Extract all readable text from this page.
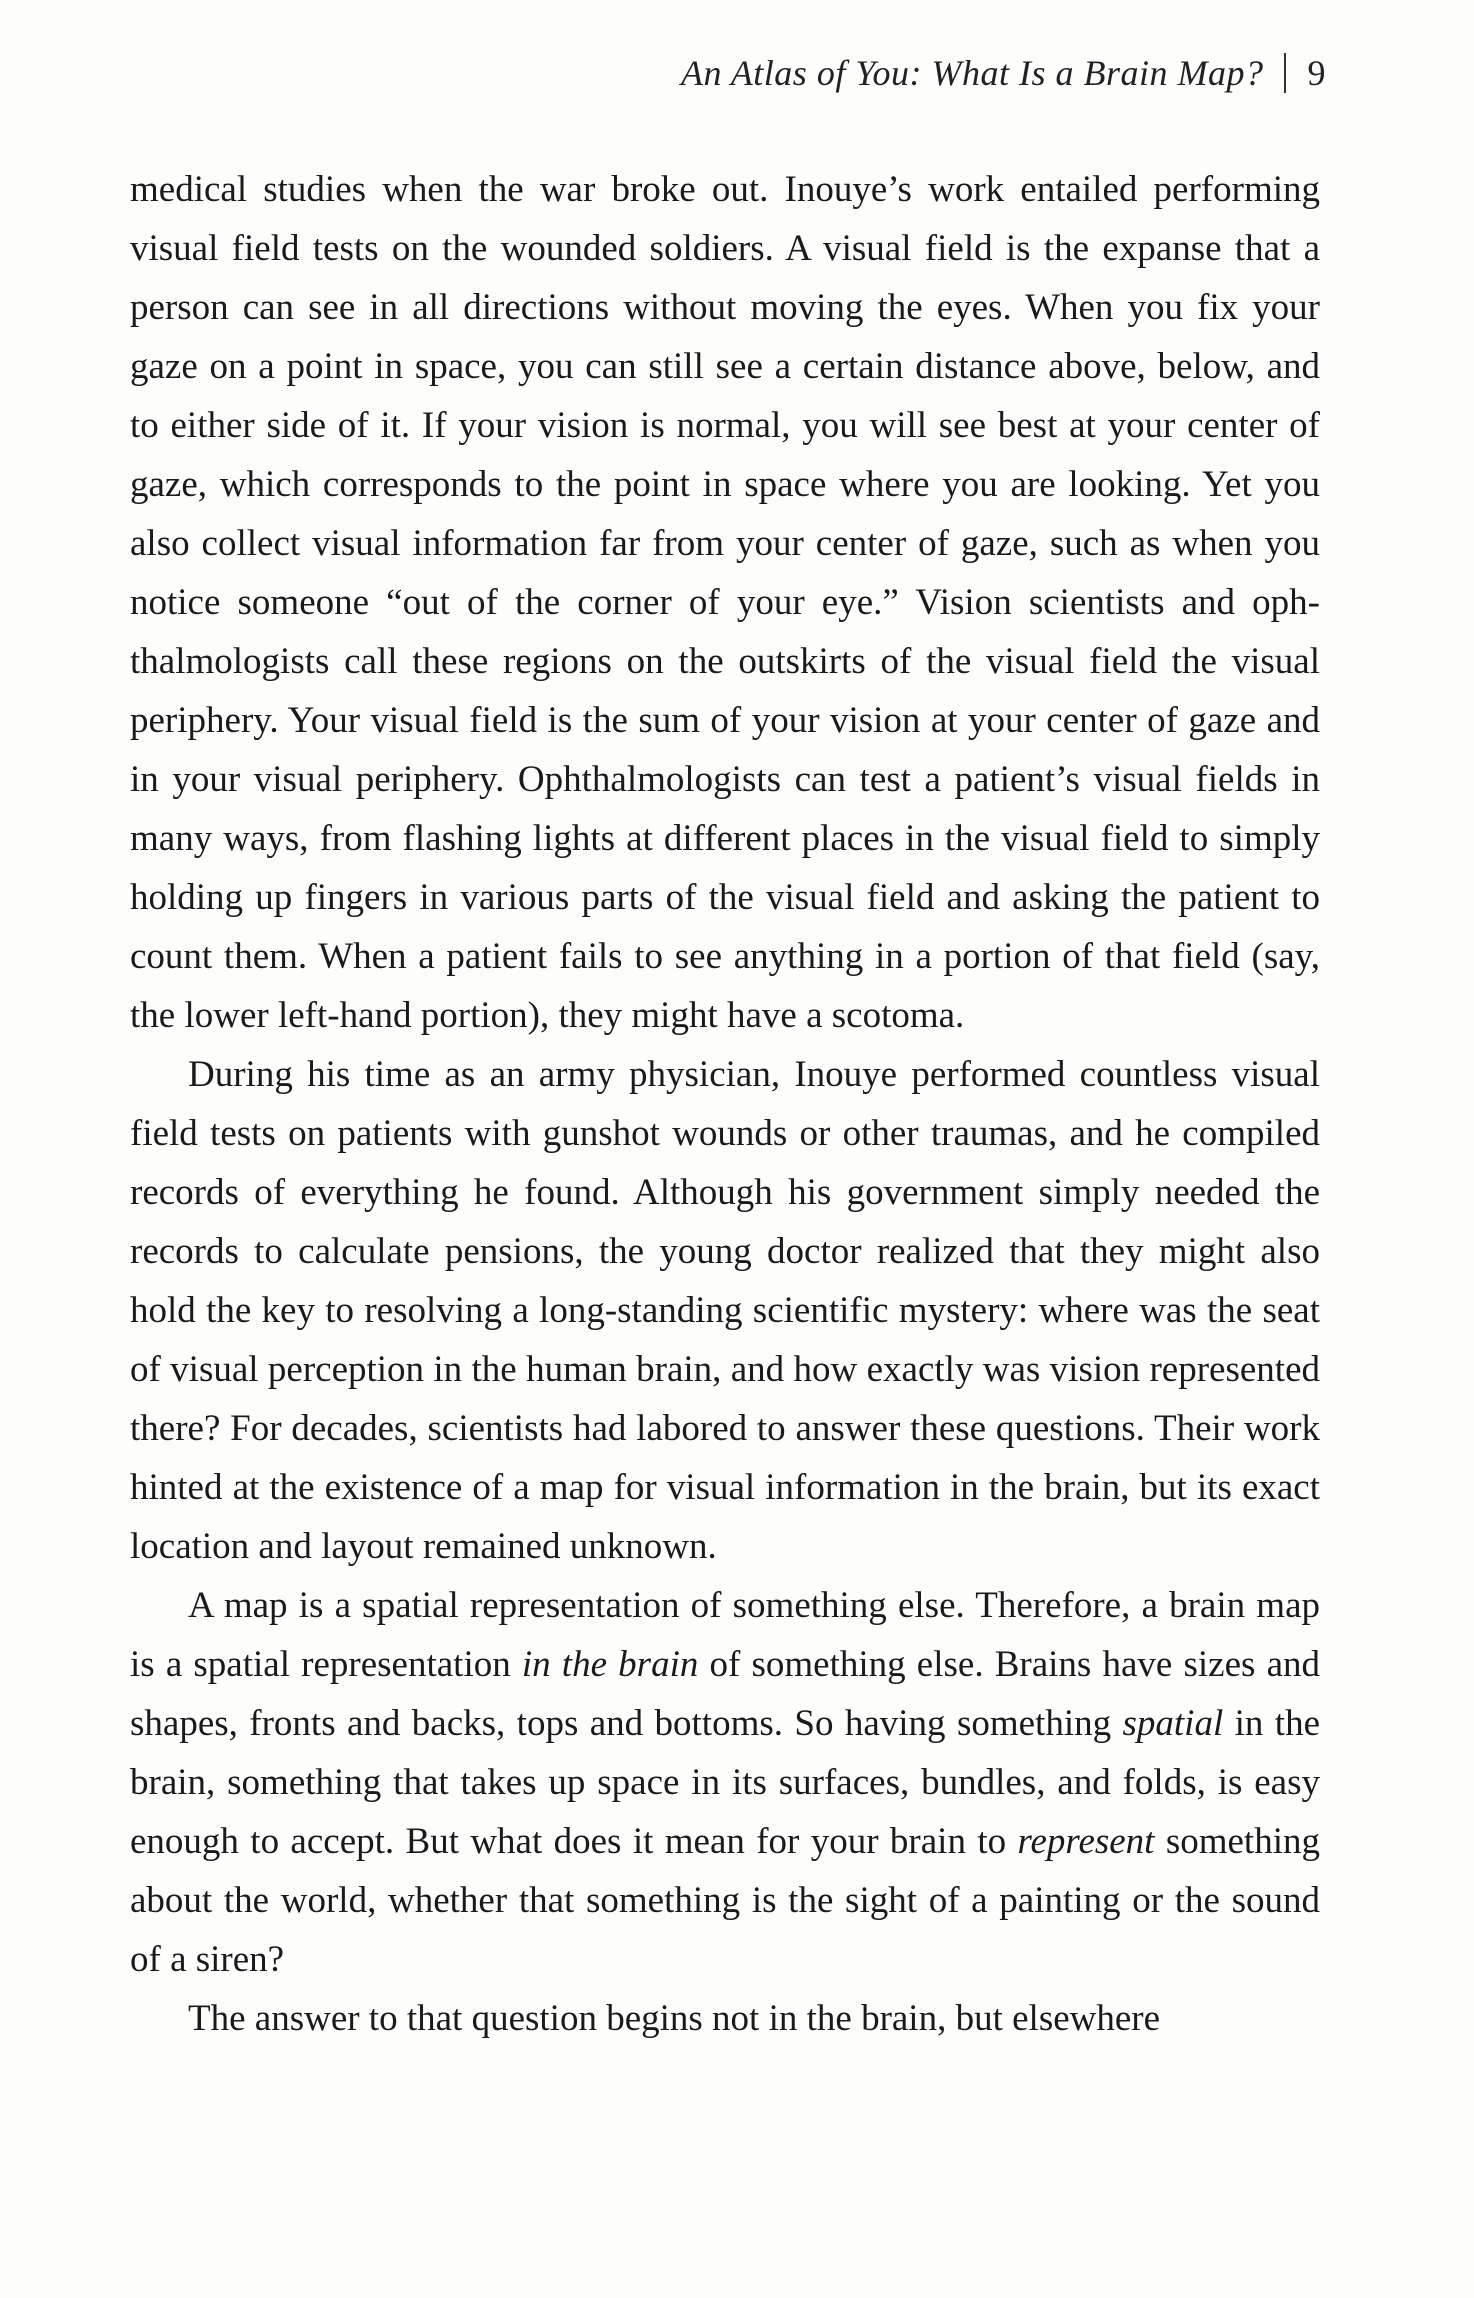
An Atlas of You: What Is a Brain Map? 9

medical studies when the war broke out. Inouye’s work entailed performing visual field tests on the wounded soldiers. A visual field is the expanse that a person can see in all directions without moving the eyes. When you fix your gaze on a point in space, you can still see a certain distance above, below, and to either side of it. If your vision is normal, you will see best at your center of gaze, which corresponds to the point in space where you are looking. Yet you also collect visual information far from your center of gaze, such as when you notice someone “out of the corner of your eye.” Vision scientists and ophthalmologists call these regions on the outskirts of the visual field the visual periphery. Your visual field is the sum of your vision at your center of gaze and in your visual periphery. Ophthalmologists can test a patient’s visual fields in many ways, from flashing lights at different places in the visual field to simply holding up fingers in various parts of the visual field and asking the patient to count them. When a patient fails to see anything in a portion of that field (say, the lower left-hand portion), they might have a scotoma.

During his time as an army physician, Inouye performed countless visual field tests on patients with gunshot wounds or other traumas, and he compiled records of everything he found. Although his government simply needed the records to calculate pensions, the young doctor realized that they might also hold the key to resolving a long-standing scientific mystery: where was the seat of visual perception in the human brain, and how exactly was vision represented there? For decades, scientists had labored to answer these questions. Their work hinted at the existence of a map for visual information in the brain, but its exact location and layout remained unknown.

A map is a spatial representation of something else. Therefore, a brain map is a spatial representation in the brain of something else. Brains have sizes and shapes, fronts and backs, tops and bottoms. So having something spatial in the brain, something that takes up space in its surfaces, bundles, and folds, is easy enough to accept. But what does it mean for your brain to represent something about the world, whether that something is the sight of a painting or the sound of a siren?

The answer to that question begins not in the brain, but elsewhere
